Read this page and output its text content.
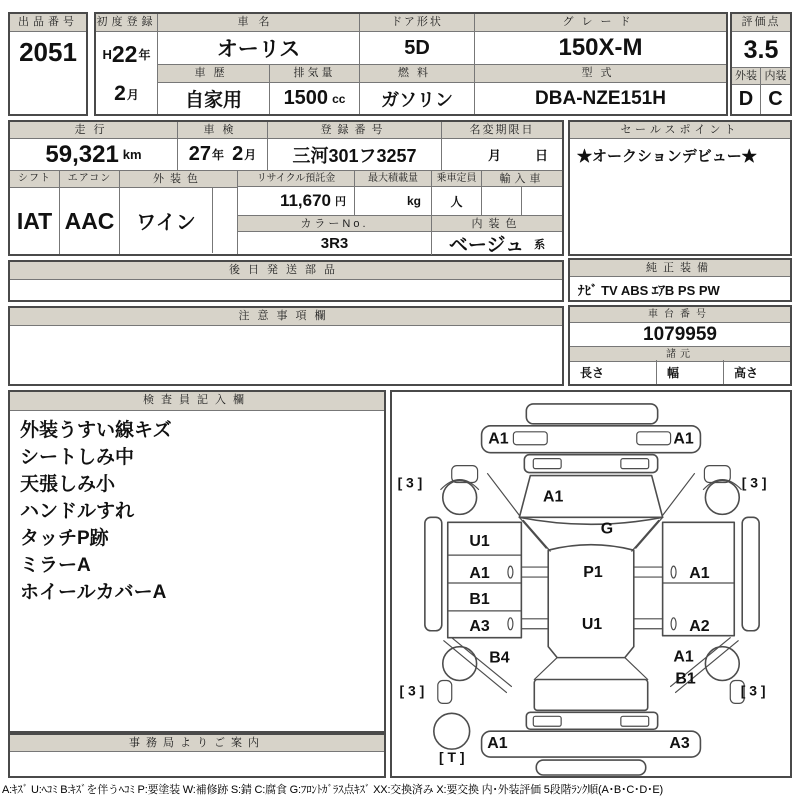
出品番号
2051
初度登録
H 22 年
2 月
車名
オーリス
ドア形状
5D
グレード
150X-M
車歴
自家用
排気量
1500 cc
燃料
ガソリン
型式
DBA-NZE151H
評価点
3.5
外装 内装
D C
走行
59,321 km
車検
27 年 2 月
登録番号
三河301フ3257
名変期限日
月	日
シフト
IAT
エアコン
AAC
外装色
ワイン
リサイクル預託金	最大積載量	乗車定員	輸入車
11,670 円	kg	人
カラーNo.	内装色
3R3	ベージュ 系
セールスポイント
★オークションデビュー★
後日発送部品
注意事項欄
純正装備
ﾅﾋﾞ TV ABS ｴｱB PS PW
車台番号
1079959
諸元
長さ	幅	高さ
検査員記入欄
外装うすい線キズ
シートしみ中
天張しみ小
ハンドルすれ
タッチP跡
ミラーA
ホイールカバーA
事務局よりご案内
A1	A1
[ 3 ]	[ 3 ]
A1
G
U1
A1
B1
A3
B4
P1
U1
A1
A2
A1
B1
A1	A3
[ 3 ]	[ 3 ]
[ T ]
A:ｷｽﾞ U:ﾍｺﾐ B:ｷｽﾞを伴うﾍｺﾐ P:要塗装 W:補修跡 S:錆 C:腐食 G:ﾌﾛﾝﾄｶﾞﾗｽ点ｷｽﾞ XX:交換済み X:要交換 内･外装評価 5段階ﾗﾝｸ順(A･B･C･D･E)
